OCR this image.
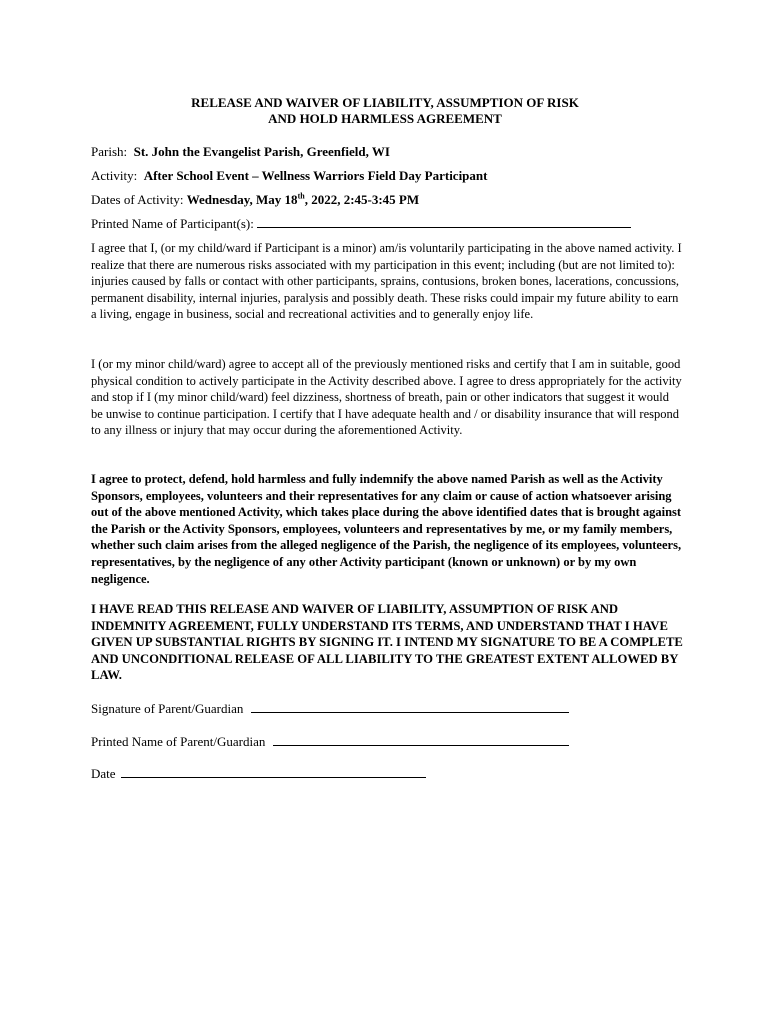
RELEASE AND WAIVER OF LIABILITY, ASSUMPTION OF RISK
AND HOLD HARMLESS AGREEMENT
Parish: St. John the Evangelist Parish, Greenfield, WI
Activity: After School Event – Wellness Warriors Field Day Participant
Dates of Activity: Wednesday, May 18th, 2022, 2:45-3:45 PM
Printed Name of Participant(s):
I agree that I, (or my child/ward if Participant is a minor) am/is voluntarily participating in the above named activity. I realize that there are numerous risks associated with my participation in this event; including (but are not limited to): injuries caused by falls or contact with other participants, sprains, contusions, broken bones, lacerations, concussions, permanent disability, internal injuries, paralysis and possibly death. These risks could impair my future ability to earn a living, engage in business, social and recreational activities and to generally enjoy life.
I (or my minor child/ward) agree to accept all of the previously mentioned risks and certify that I am in suitable, good physical condition to actively participate in the Activity described above. I agree to dress appropriately for the activity and stop if I (my minor child/ward) feel dizziness, shortness of breath, pain or other indicators that suggest it would be unwise to continue participation. I certify that I have adequate health and / or disability insurance that will respond to any illness or injury that may occur during the aforementioned Activity.
I agree to protect, defend, hold harmless and fully indemnify the above named Parish as well as the Activity Sponsors, employees, volunteers and their representatives for any claim or cause of action whatsoever arising out of the above mentioned Activity, which takes place during the above identified dates that is brought against the Parish or the Activity Sponsors, employees, volunteers and representatives by me, or my family members, whether such claim arises from the alleged negligence of the Parish, the negligence of its employees, volunteers, representatives, by the negligence of any other Activity participant (known or unknown) or by my own negligence.
I HAVE READ THIS RELEASE AND WAIVER OF LIABILITY, ASSUMPTION OF RISK AND INDEMNITY AGREEMENT, FULLY UNDERSTAND ITS TERMS, AND UNDERSTAND THAT I HAVE GIVEN UP SUBSTANTIAL RIGHTS BY SIGNING IT. I INTEND MY SIGNATURE TO BE A COMPLETE AND UNCONDITIONAL RELEASE OF ALL LIABILITY TO THE GREATEST EXTENT ALLOWED BY LAW.
Signature of Parent/Guardian
Printed Name of Parent/Guardian
Date
